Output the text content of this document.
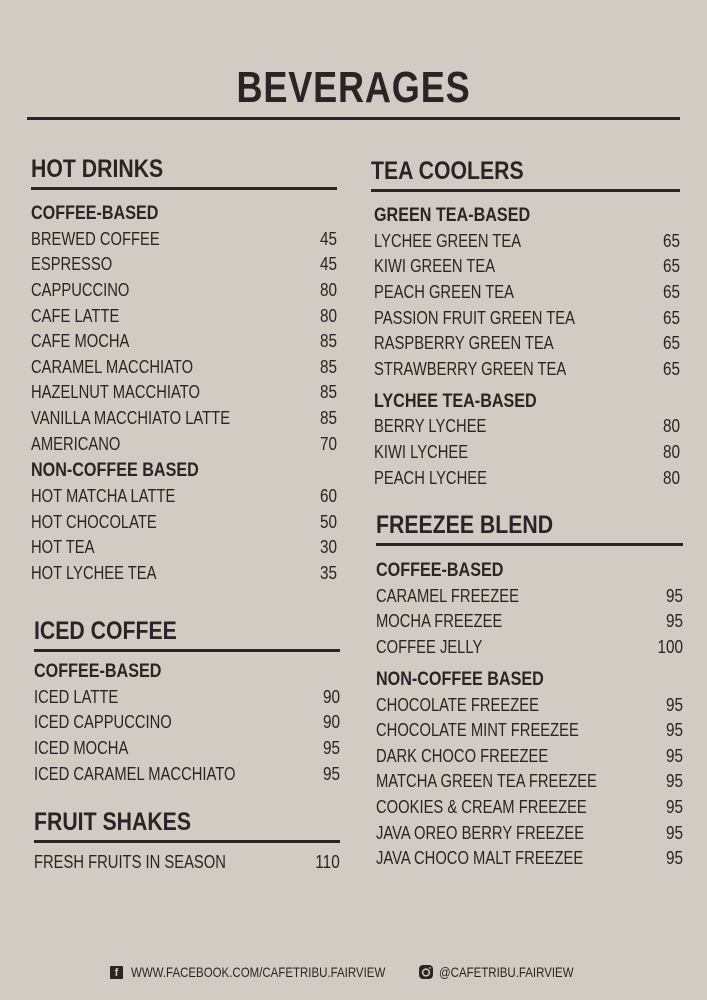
BEVERAGES
HOT DRINKS
COFFEE-BASED
BREWED COFFEE	45
ESPRESSO	45
CAPPUCCINO	80
CAFE LATTE	80
CAFE MOCHA	85
CARAMEL MACCHIATO	85
HAZELNUT MACCHIATO	85
VANILLA MACCHIATO LATTE	85
AMERICANO	70
NON-COFFEE BASED
HOT MATCHA LATTE	60
HOT CHOCOLATE	50
HOT TEA	30
HOT LYCHEE TEA	35
ICED COFFEE
COFFEE-BASED
ICED LATTE	90
ICED CAPPUCCINO	90
ICED MOCHA	95
ICED CARAMEL MACCHIATO	95
FRUIT SHAKES
FRESH FRUITS IN SEASON	110
TEA COOLERS
GREEN TEA-BASED
LYCHEE GREEN TEA	65
KIWI GREEN TEA	65
PEACH GREEN TEA	65
PASSION FRUIT GREEN TEA	65
RASPBERRY GREEN TEA	65
STRAWBERRY GREEN TEA	65
LYCHEE TEA-BASED
BERRY LYCHEE	80
KIWI LYCHEE	80
PEACH LYCHEE	80
FREEZEE BLEND
COFFEE-BASED
CARAMEL FREEZEE	95
MOCHA FREEZEE	95
COFFEE JELLY	100
NON-COFFEE BASED
CHOCOLATE FREEZEE	95
CHOCOLATE MINT FREEZEE	95
DARK CHOCO FREEZEE	95
MATCHA GREEN TEA FREEZEE	95
COOKIES & CREAM FREEZEE	95
JAVA OREO BERRY FREEZEE	95
JAVA CHOCO MALT FREEZEE	95
f WWW.FACEBOOK.COM/CAFETRIBU.FAIRVIEW	@CAFETRIBU.FAIRVIEW
